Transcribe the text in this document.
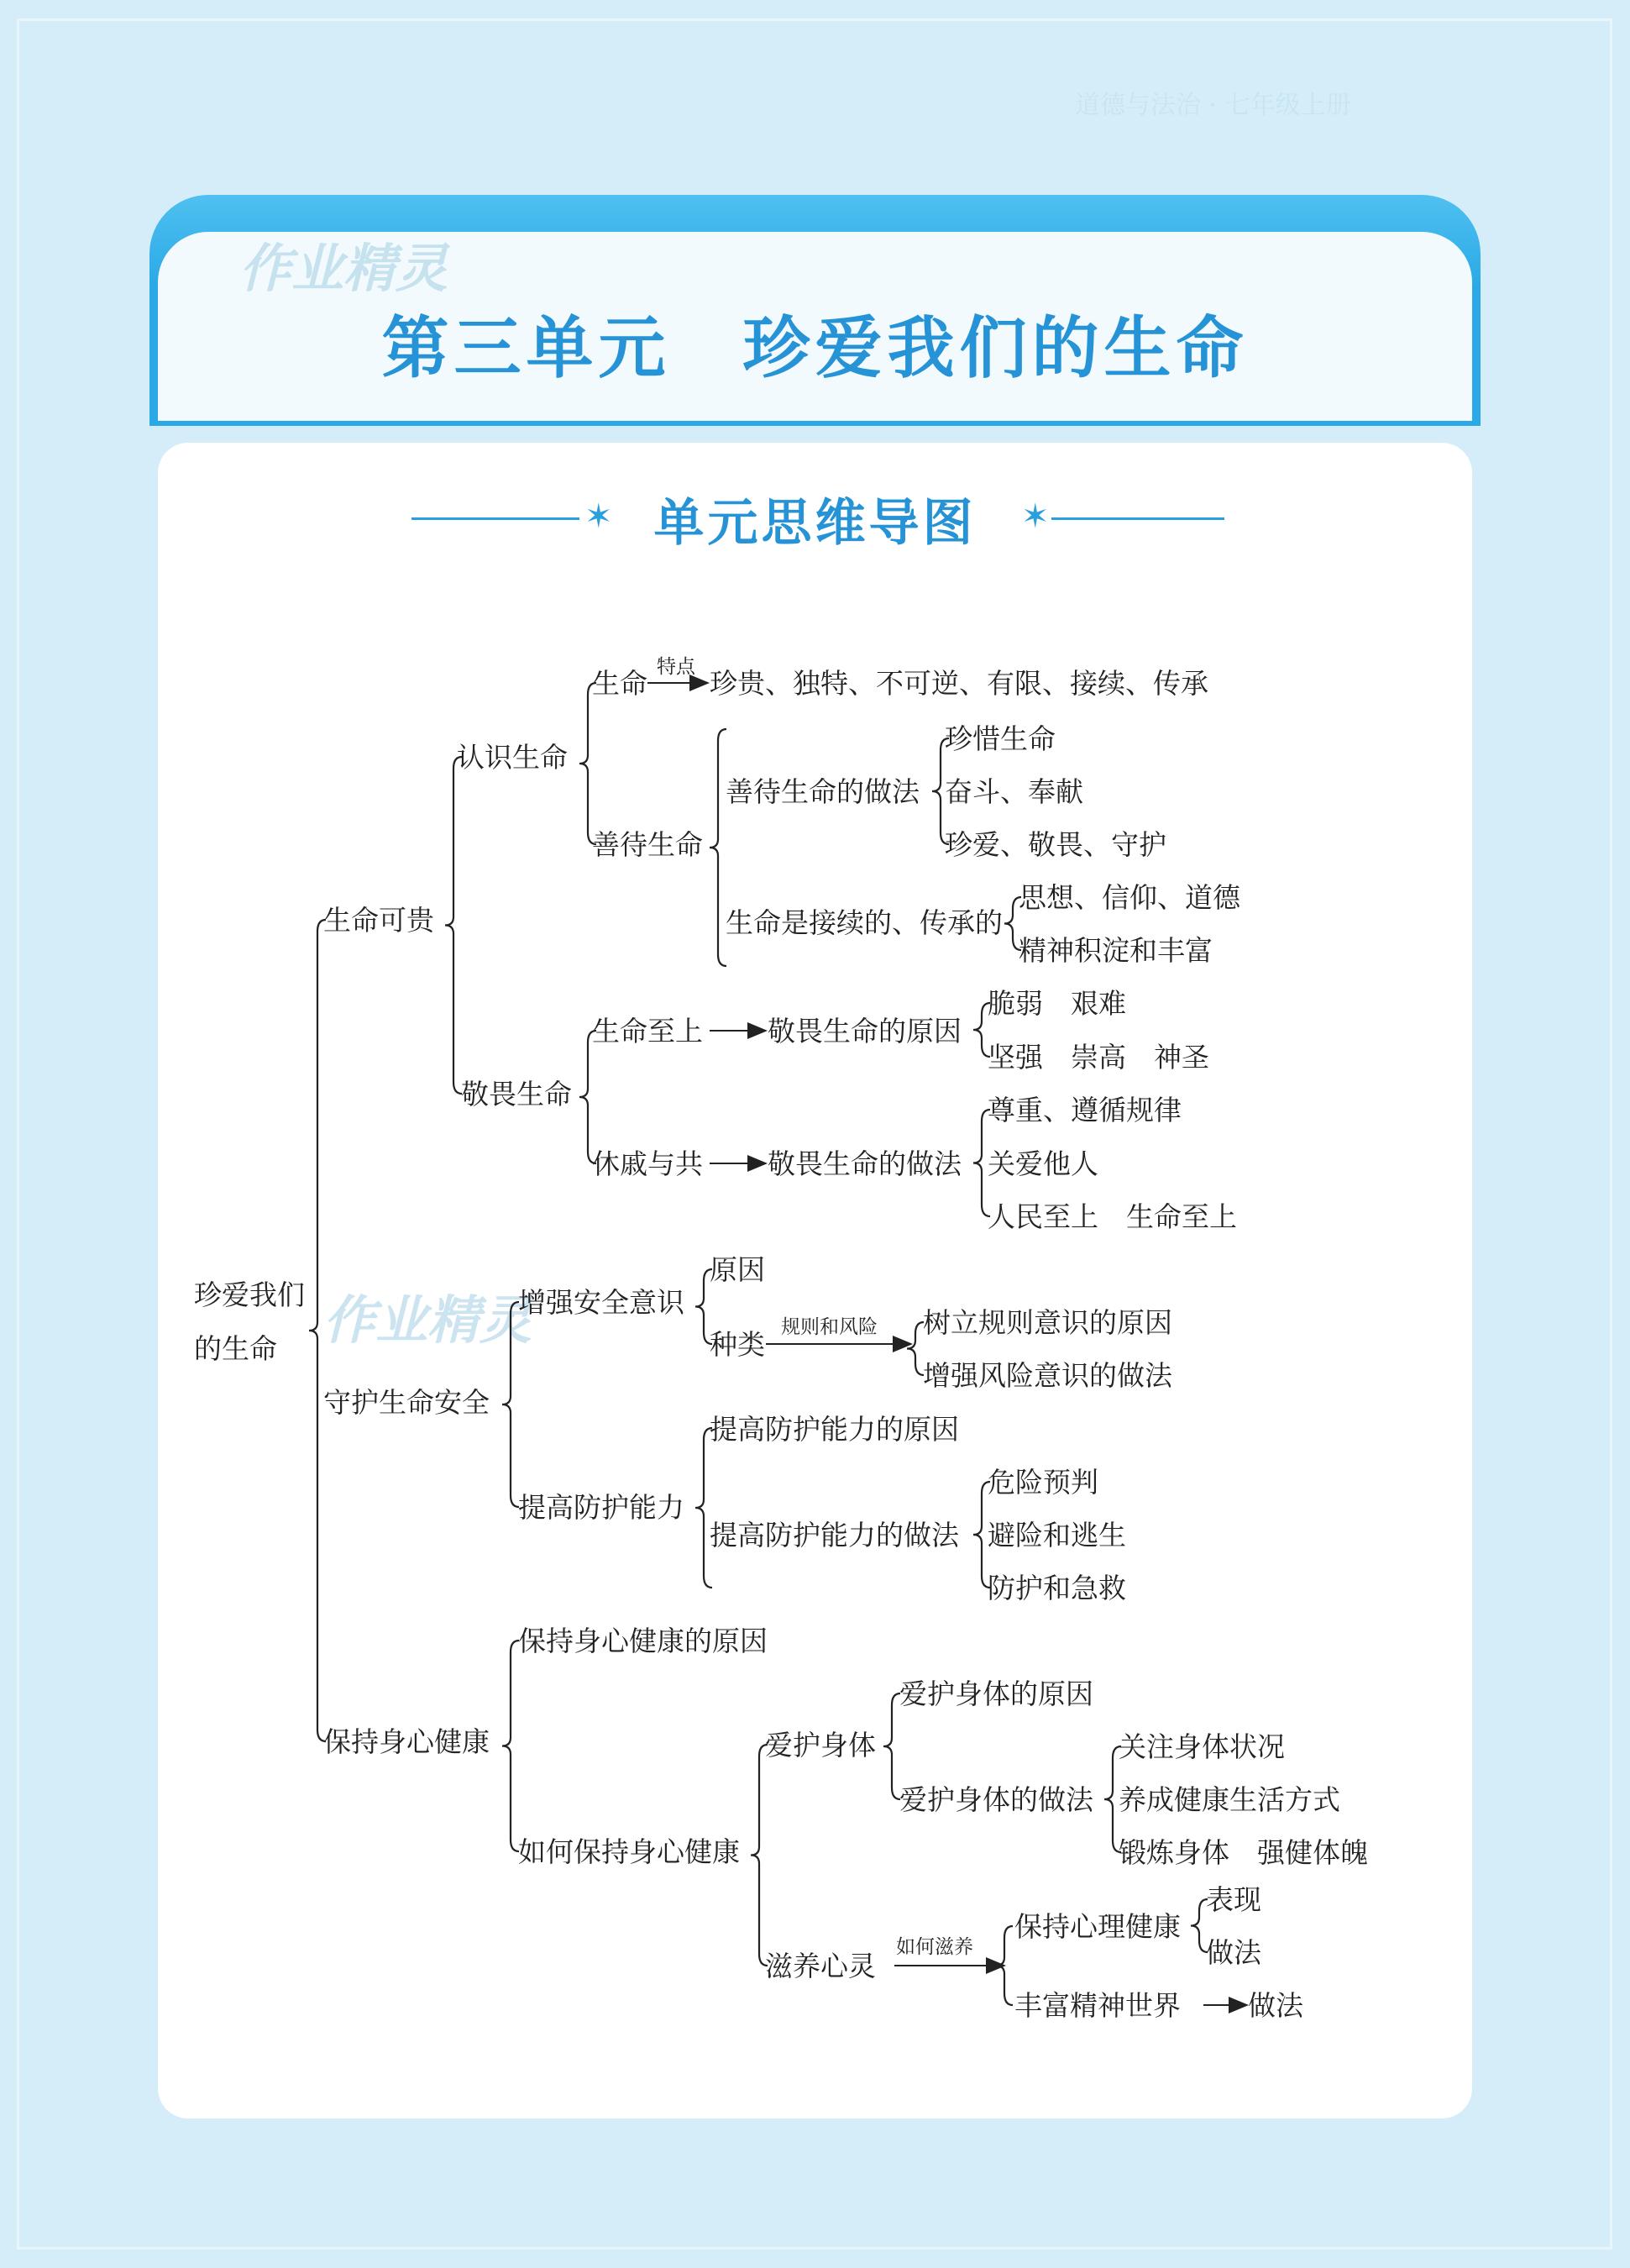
道德与法治 · 七年级上册
第三单元　珍爱我们的生命
✶ 单元思维导图	✶
作业精灵
作业精灵
珍爱我们
的生命
生命可贵
认识生命
生命 特点 珍贵、独特、不可逆、有限、接续、传承
善待生命
善待生命的做法
珍惜生命
奋斗、奉献
珍爱、敬畏、守护
生命是接续的、传承的
思想、信仰、道德
精神积淀和丰富
敬畏生命
生命至上 敬畏生命的原因
脆弱　艰难
坚强　崇高　神圣
休戚与共 敬畏生命的做法
尊重、遵循规律
关爱他人
人民至上　生命至上
守护生命安全
增强安全意识
原因
种类
规则和风险 树立规则意识的原因
增强风险意识的做法
提高防护能力
提高防护能力的原因
提高防护能力的做法
危险预判
避险和逃生
防护和急救
保持身心健康
保持身心健康的原因
如何保持身心健康
爱护身体
爱护身体的原因
爱护身体的做法
关注身体状况
养成健康生活方式
锻炼身体　强健体魄
滋养心灵
如何滋养
保持心理健康
表现
做法
丰富精神世界 做法
